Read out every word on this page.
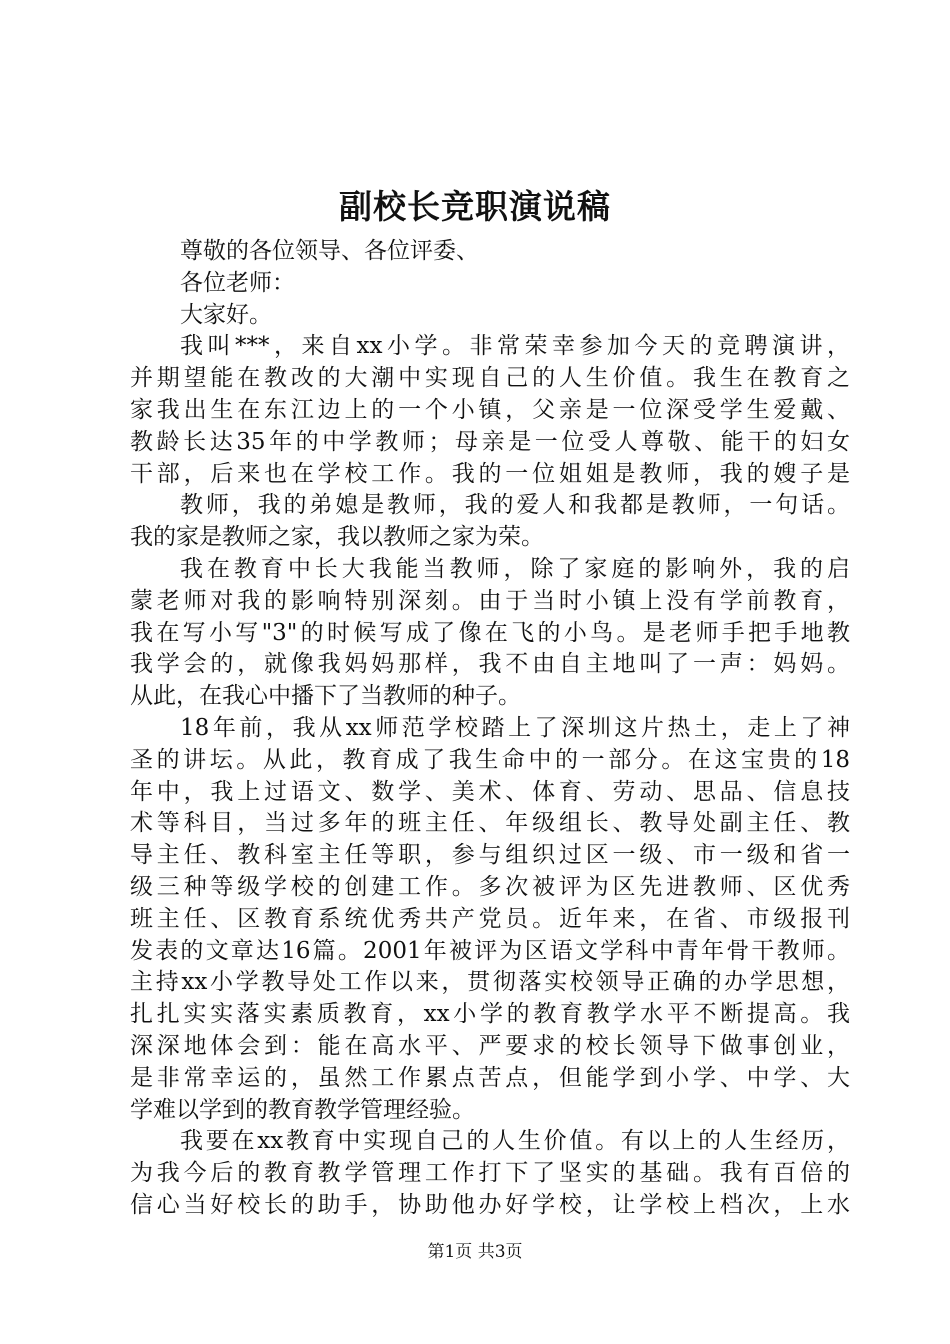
副校长竞职演说稿
尊敬的各位领导、各位评委、
各位老师：
大家好。
我叫***，来自xx小学。非常荣幸参加今天的竞聘演讲，
并期望能在教改的大潮中实现自己的人生价值。我生在教育之
家我出生在东江边上的一个小镇，父亲是一位深受学生爱戴、
教龄长达35年的中学教师；母亲是一位受人尊敬、能干的妇女
干部，后来也在学校工作。我的一位姐姐是教师，我的嫂子是
教师，我的弟媳是教师，我的爱人和我都是教师，一句话。
我的家是教师之家，我以教师之家为荣。
我在教育中长大我能当教师，除了家庭的影响外，我的启
蒙老师对我的影响特别深刻。由于当时小镇上没有学前教育，
我在写小写"3"的时候写成了像在飞的小鸟。是老师手把手地教
我学会的，就像我妈妈那样，我不由自主地叫了一声：妈妈。
从此，在我心中播下了当教师的种子。
18年前，我从xx师范学校踏上了深圳这片热土，走上了神
圣的讲坛。从此，教育成了我生命中的一部分。在这宝贵的18
年中，我上过语文、数学、美术、体育、劳动、思品、信息技
术等科目，当过多年的班主任、年级组长、教导处副主任、教
导主任、教科室主任等职，参与组织过区一级、市一级和省一
级三种等级学校的创建工作。多次被评为区先进教师、区优秀
班主任、区教育系统优秀共产党员。近年来，在省、市级报刊
发表的文章达16篇。2001年被评为区语文学科中青年骨干教师。
主持xx小学教导处工作以来，贯彻落实校领导正确的办学思想，
扎扎实实落实素质教育，xx小学的教育教学水平不断提高。我
深深地体会到：能在高水平、严要求的校长领导下做事创业，
是非常幸运的，虽然工作累点苦点，但能学到小学、中学、大
学难以学到的教育教学管理经验。
我要在xx教育中实现自己的人生价值。有以上的人生经历，
为我今后的教育教学管理工作打下了坚实的基础。我有百倍的
信心当好校长的助手，协助他办好学校，让学校上档次，上水
第1页 共3页
